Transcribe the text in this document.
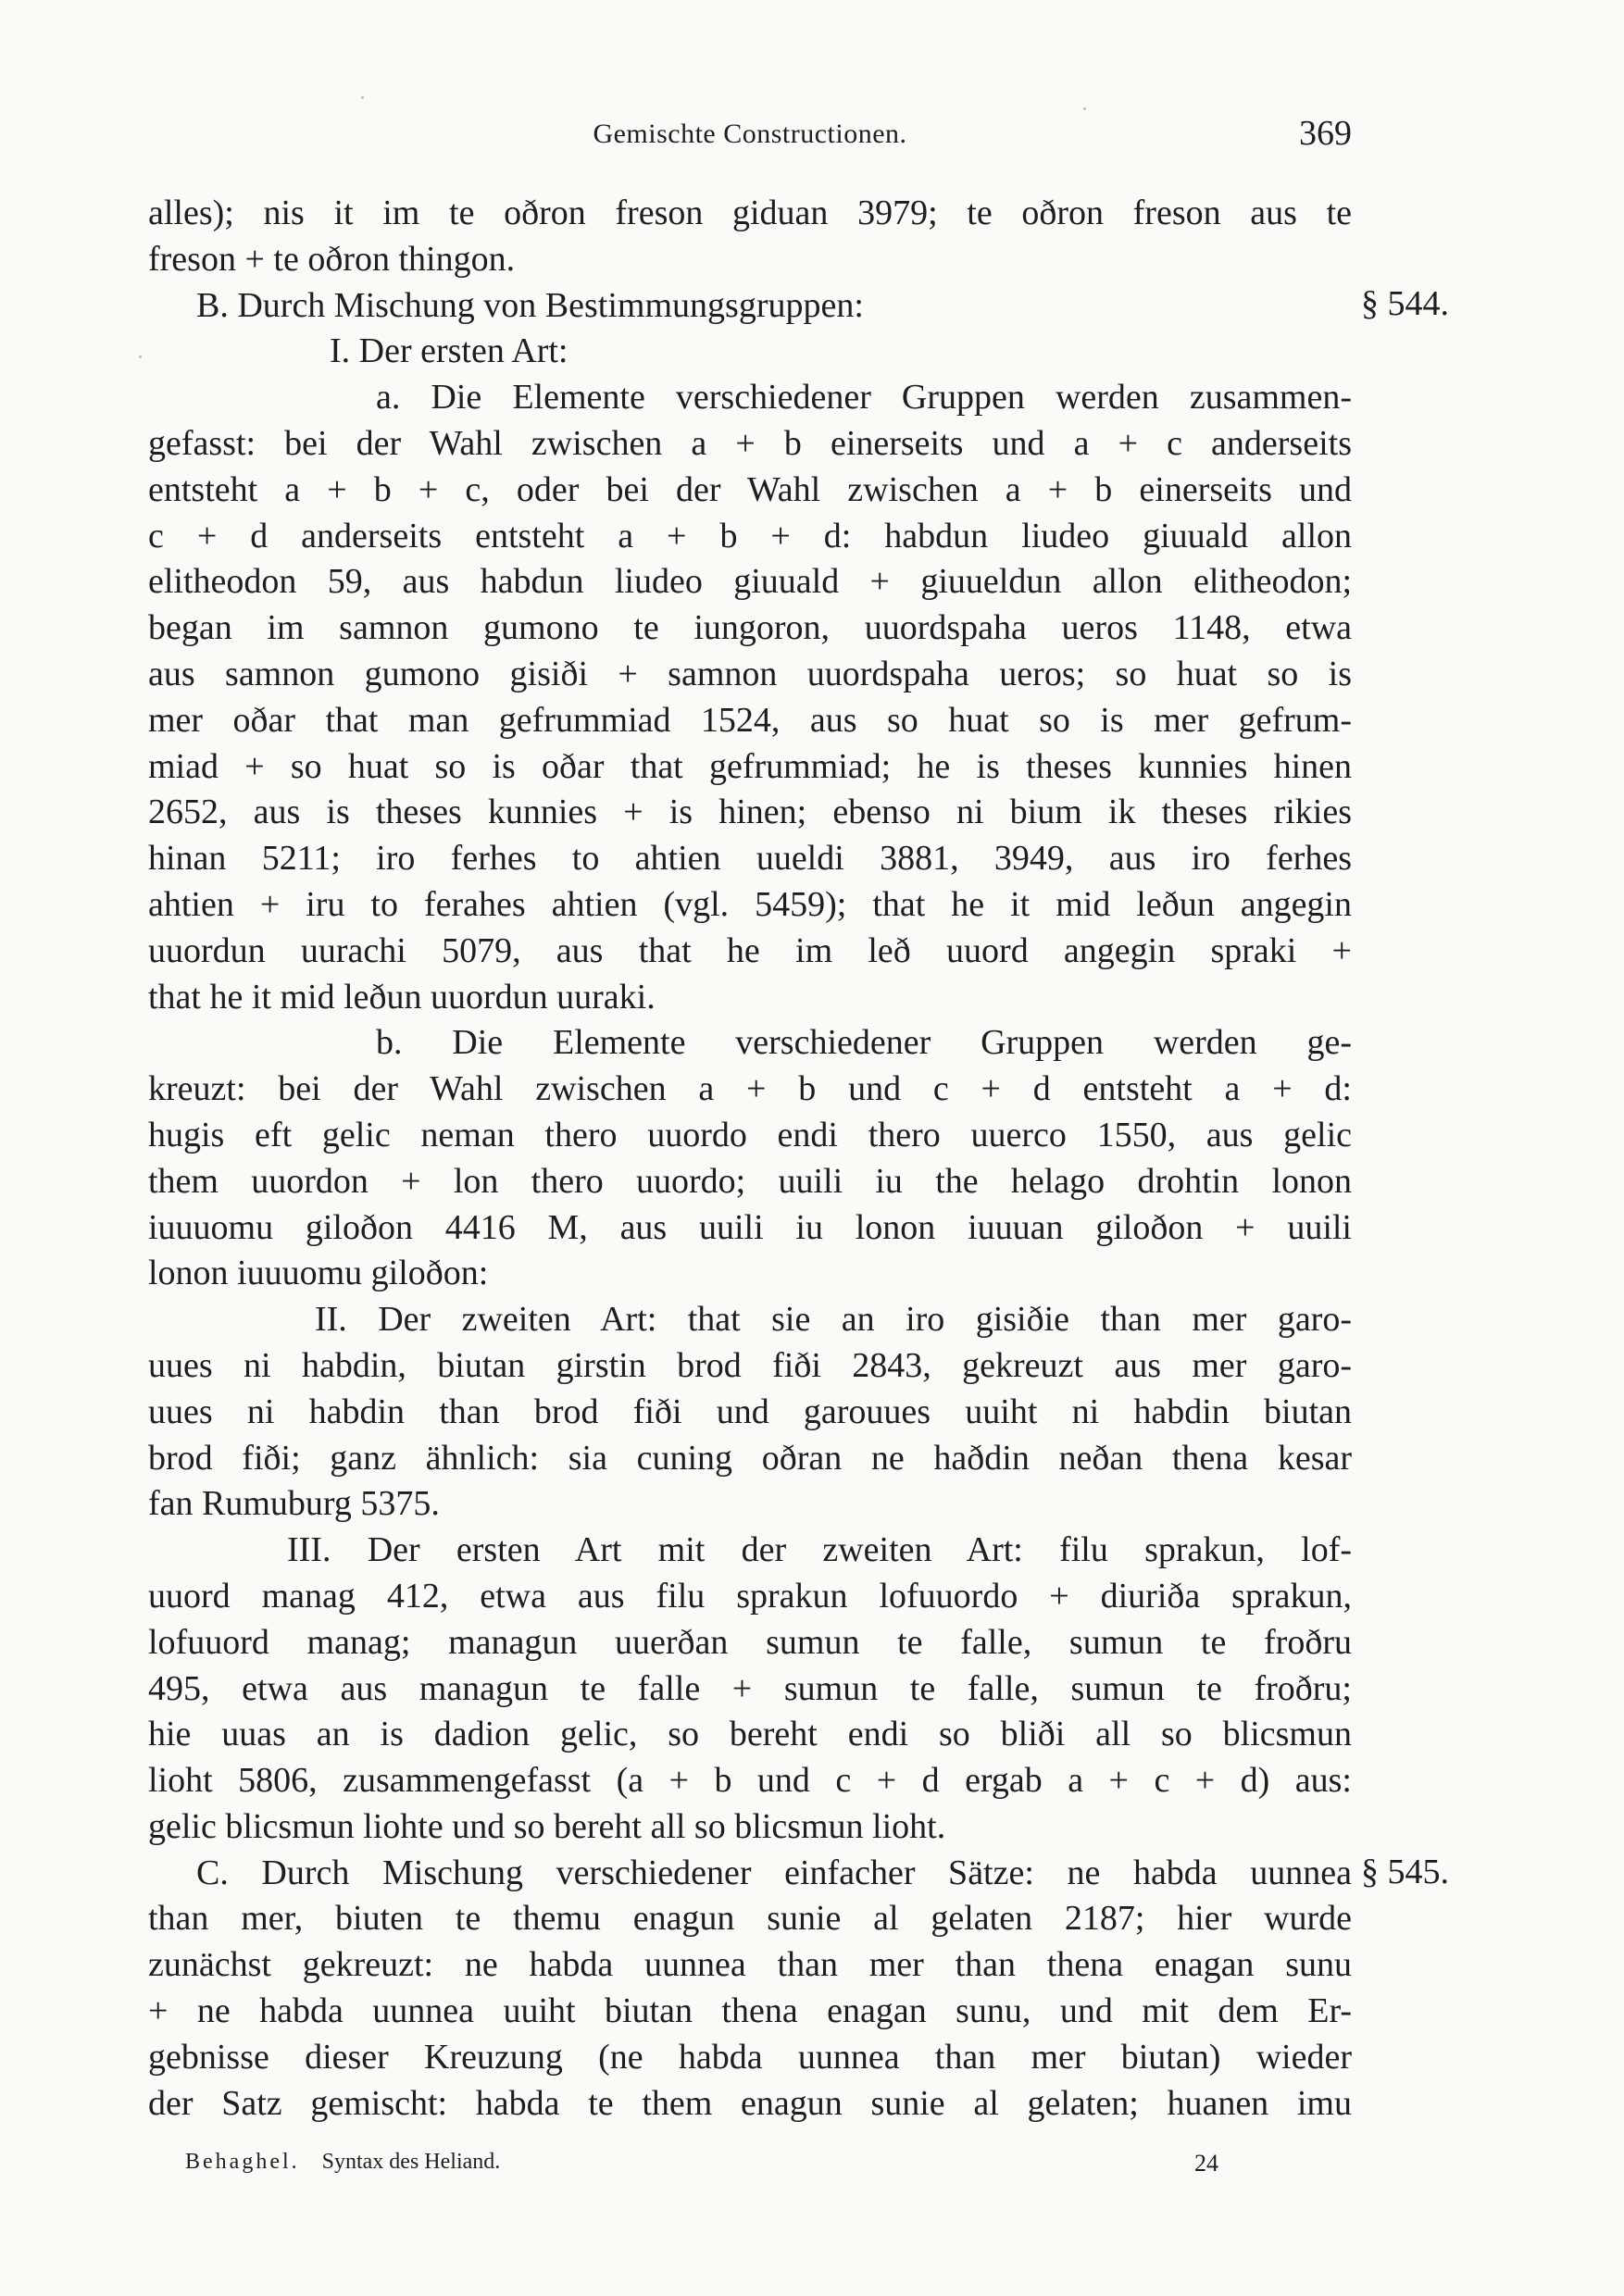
Gemischte Constructionen.	369
alles); nis it im te oðron freson giduan 3979; te oðron freson aus te
freson + te oðron thingon.
B. Durch Mischung von Bestimmungsgruppen:
I. Der ersten Art:
a. Die Elemente verschiedener Gruppen werden zusammen-
gefasst: bei der Wahl zwischen a + b einerseits und a + c anderseits
entsteht a + b + c, oder bei der Wahl zwischen a + b einerseits und
c + d anderseits entsteht a + b + d: habdun liudeo giuuald allon
elitheodon 59, aus habdun liudeo giuuald + giuueldun allon elitheodon;
began im samnon gumono te iungoron, uuordspaha ueros 1148, etwa
aus samnon gumono gisiði + samnon uuordspaha ueros; so huat so is
mer oðar that man gefrummiad 1524, aus so huat so is mer gefrum-
miad + so huat so is oðar that gefrummiad; he is theses kunnies hinen
2652, aus is theses kunnies + is hinen; ebenso ni bium ik theses rikies
hinan 5211; iro ferhes to ahtien uueldi 3881, 3949, aus iro ferhes
ahtien + iru to ferahes ahtien (vgl. 5459); that he it mid leðun angegin
uuordun uurachi 5079, aus that he im leð uuord angegin spraki +
that he it mid leðun uuordun uuraki.
b. Die Elemente verschiedener Gruppen werden ge-
kreuzt: bei der Wahl zwischen a + b und c + d entsteht a + d:
hugis eft gelic neman thero uuordo endi thero uuerco 1550, aus gelic
them uuordon + lon thero uuordo; uuili iu the helago drohtin lonon
iuuuomu giloðon 4416 M, aus uuili iu lonon iuuuan giloðon + uuili
lonon iuuuomu giloðon:
II. Der zweiten Art: that sie an iro gisiðie than mer garo-
uues ni habdin, biutan girstin brod fiði 2843, gekreuzt aus mer garo-
uues ni habdin than brod fiði und garouues uuiht ni habdin biutan
brod fiði; ganz ähnlich: sia cuning oðran ne haðdin neðan thena kesar
fan Rumuburg 5375.
III. Der ersten Art mit der zweiten Art: filu sprakun, lof-
uuord manag 412, etwa aus filu sprakun lofuuordo + diuriða sprakun,
lofuuord manag; managun uuerðan sumun te falle, sumun te froðru
495, etwa aus managun te falle + sumun te falle, sumun te froðru;
hie uuas an is dadion gelic, so bereht endi so bliði all so blicsmun
lioht 5806, zusammengefasst (a + b und c + d ergab a + c + d) aus:
gelic blicsmun liohte und so bereht all so blicsmun lioht.
C. Durch Mischung verschiedener einfacher Sätze: ne habda uunnea
than mer, biuten te themu enagun sunie al gelaten 2187; hier wurde
zunächst gekreuzt: ne habda uunnea than mer than thena enagan sunu
+ ne habda uunnea uuiht biutan thena enagan sunu, und mit dem Er-
gebnisse dieser Kreuzung (ne habda uunnea than mer biutan) wieder
der Satz gemischt: habda te them enagun sunie al gelaten; huanen imu
§ 544.
§ 545.
Behaghel. Syntax des Heliand.	24
